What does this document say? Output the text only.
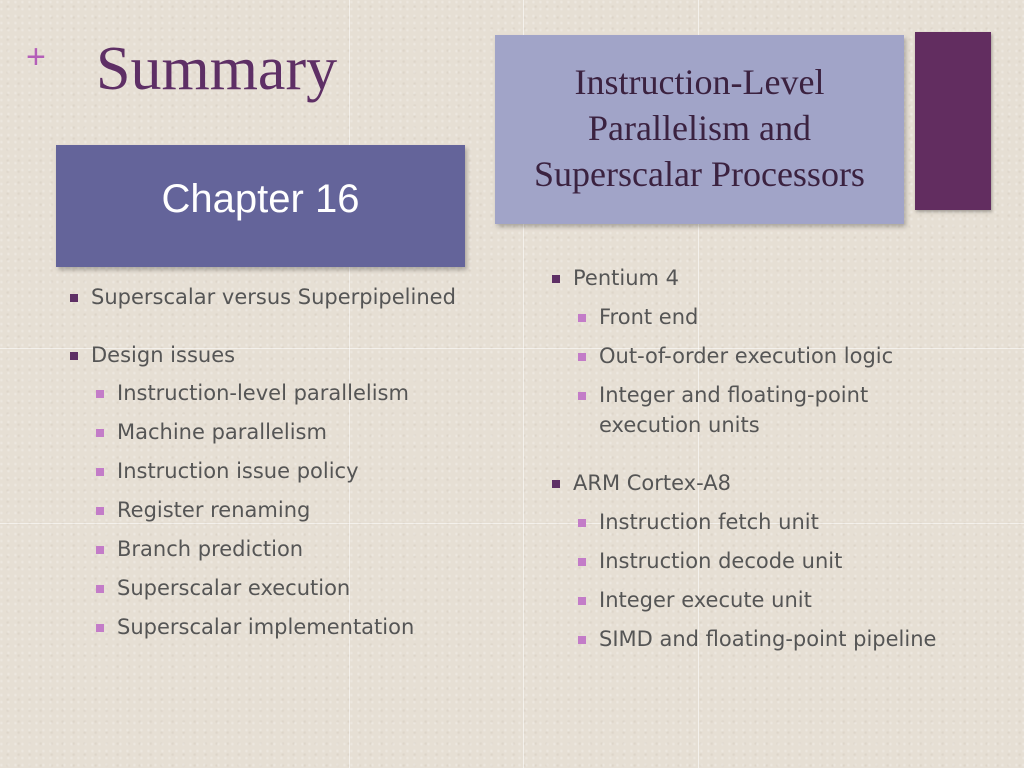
+ Summary
Chapter 16
Instruction-Level Parallelism and Superscalar Processors
Superscalar versus Superpipelined
Design issues
Instruction-level parallelism
Machine parallelism
Instruction issue policy
Register renaming
Branch prediction
Superscalar execution
Superscalar implementation
Pentium 4
Front end
Out-of-order execution logic
Integer and floating-point execution units
ARM Cortex-A8
Instruction fetch unit
Instruction decode unit
Integer execute unit
SIMD and floating-point pipeline
